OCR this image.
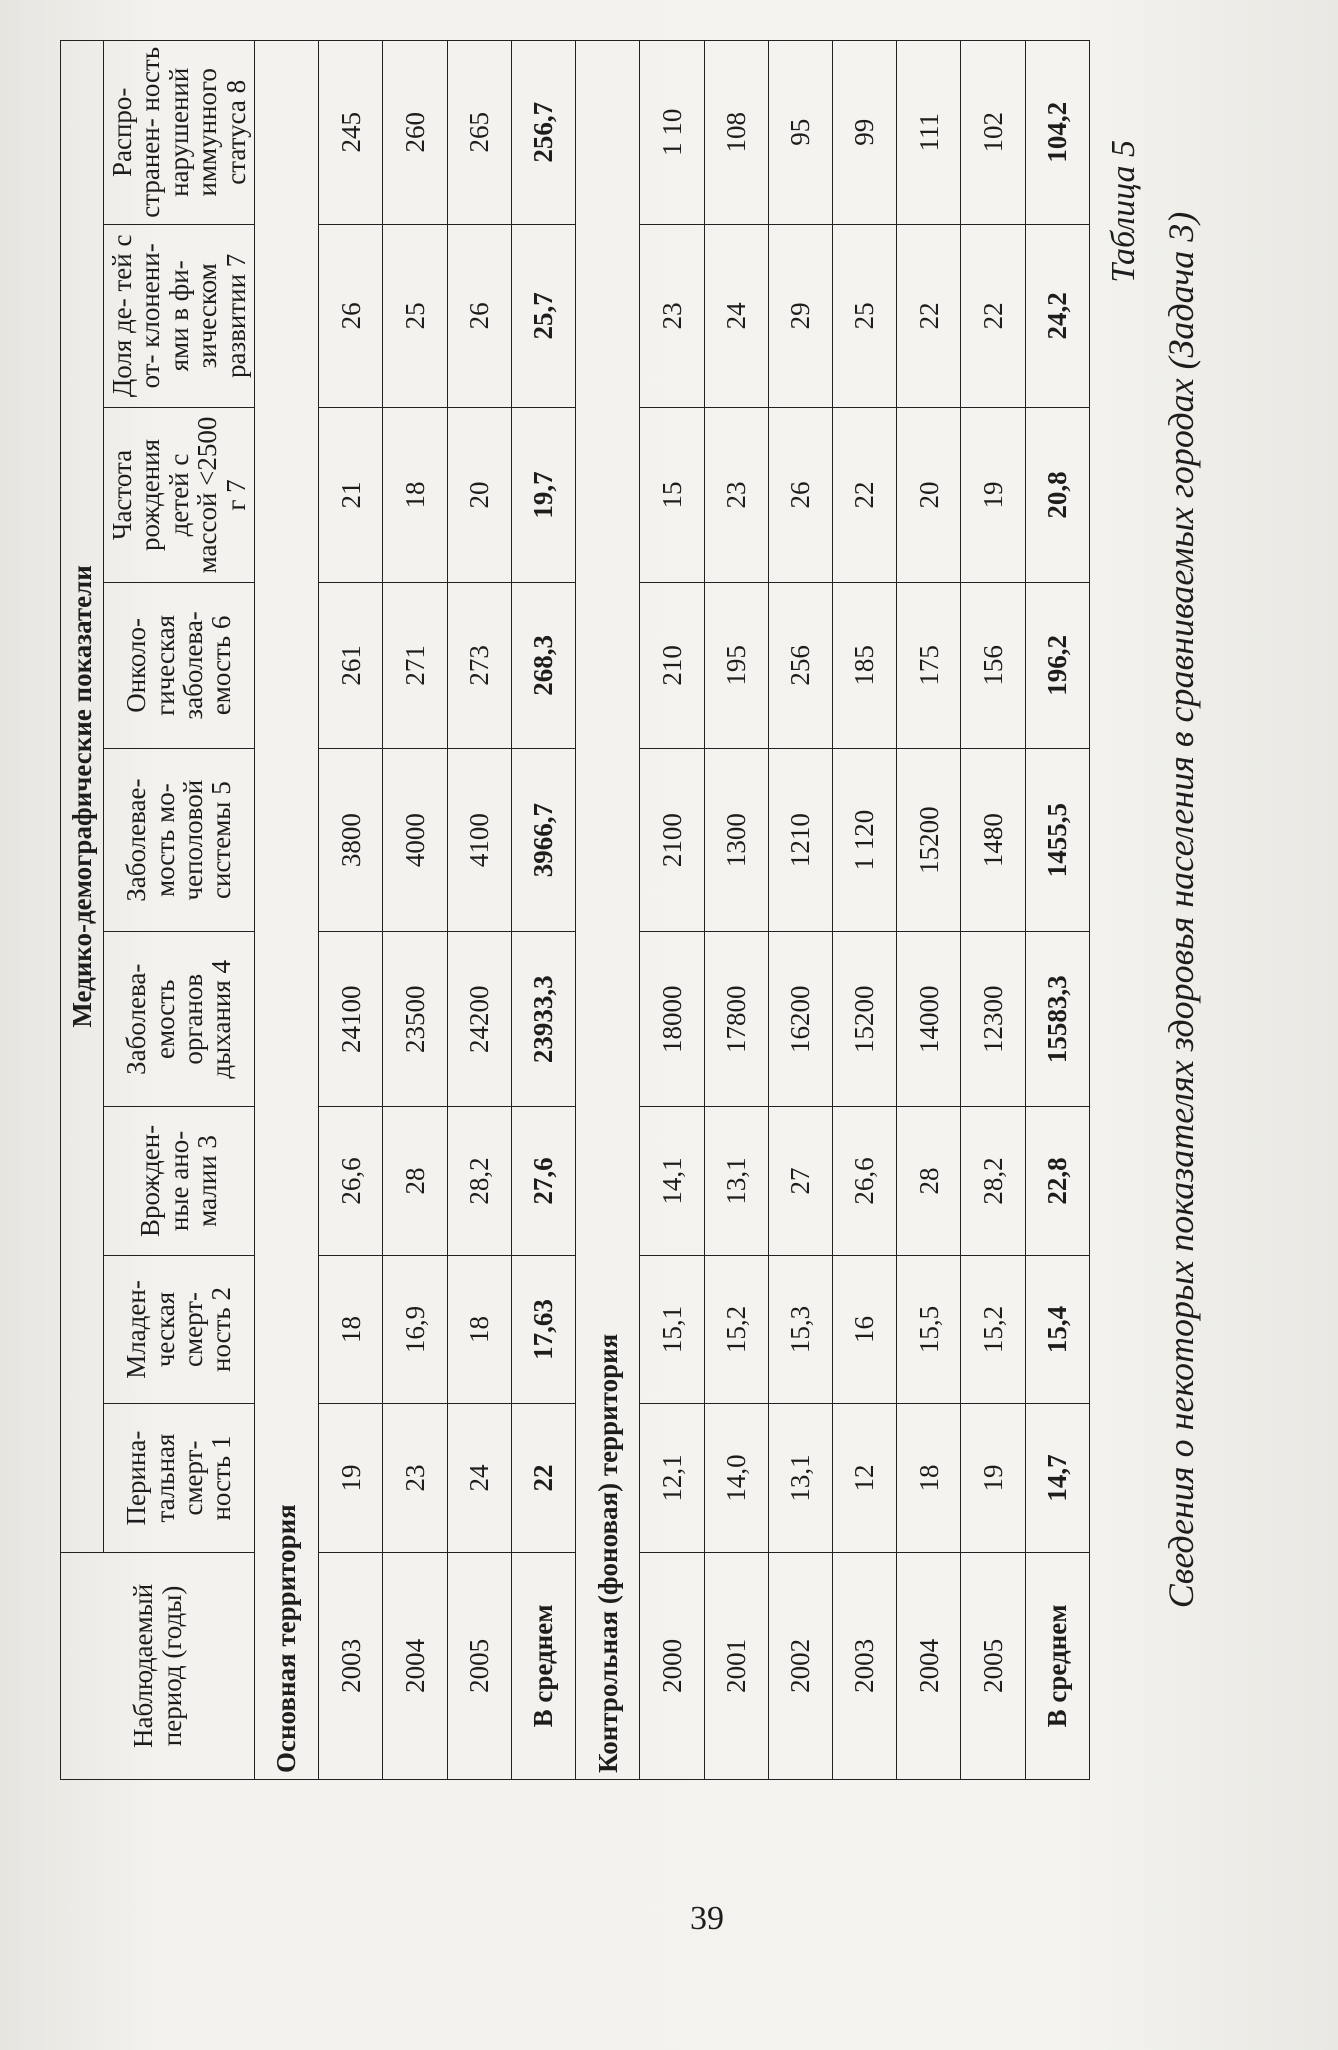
Таблица 5
Сведения о некоторых показателях здоровья населения в сравниваемых городах (Задача 3)
Наблюдаемый период (годы)	Медико-демографические показатели								
	Перина- тальная смерт- ность 1	Младен- ческая смерт- ность 2	Врожден- ные ано- малии 3	Заболева- емость органов дыхания 4	Заболевае- мость мо- чеполовой системы 5	Онколо- гическая заболева- емость 6	Частота рождения детей с массой <2500 г 7	Доля де- тей с от- клонени- ями в фи- зическом развитии 7	Распро- странен- ность нарушений иммунного статуса 8
Основная территория									
2003	19	18	26,6	24100	3800	261	21	26	245
2004	23	16,9	28	23500	4000	271	18	25	260
2005	24	18	28,2	24200	4100	273	20	26	265
В среднем	22	17,63	27,6	23933,3	3966,7	268,3	19,7	25,7	256,7
Контрольная (фоновая) территория									
2000	12,1	15,1	14,1	18000	2100	210	15	23	1 10
2001	14,0	15,2	13,1	17800	1300	195	23	24	108
2002	13,1	15,3	27	16200	1210	256	26	29	95
2003	12	16	26,6	15200	1 120	185	22	25	99
2004	18	15,5	28	14000	15200	175	20	22	111
2005	19	15,2	28,2	12300	1480	156	19	22	102
В среднем	14,7	15,4	22,8	15583,3	1455,5	196,2	20,8	24,2	104,2
39
